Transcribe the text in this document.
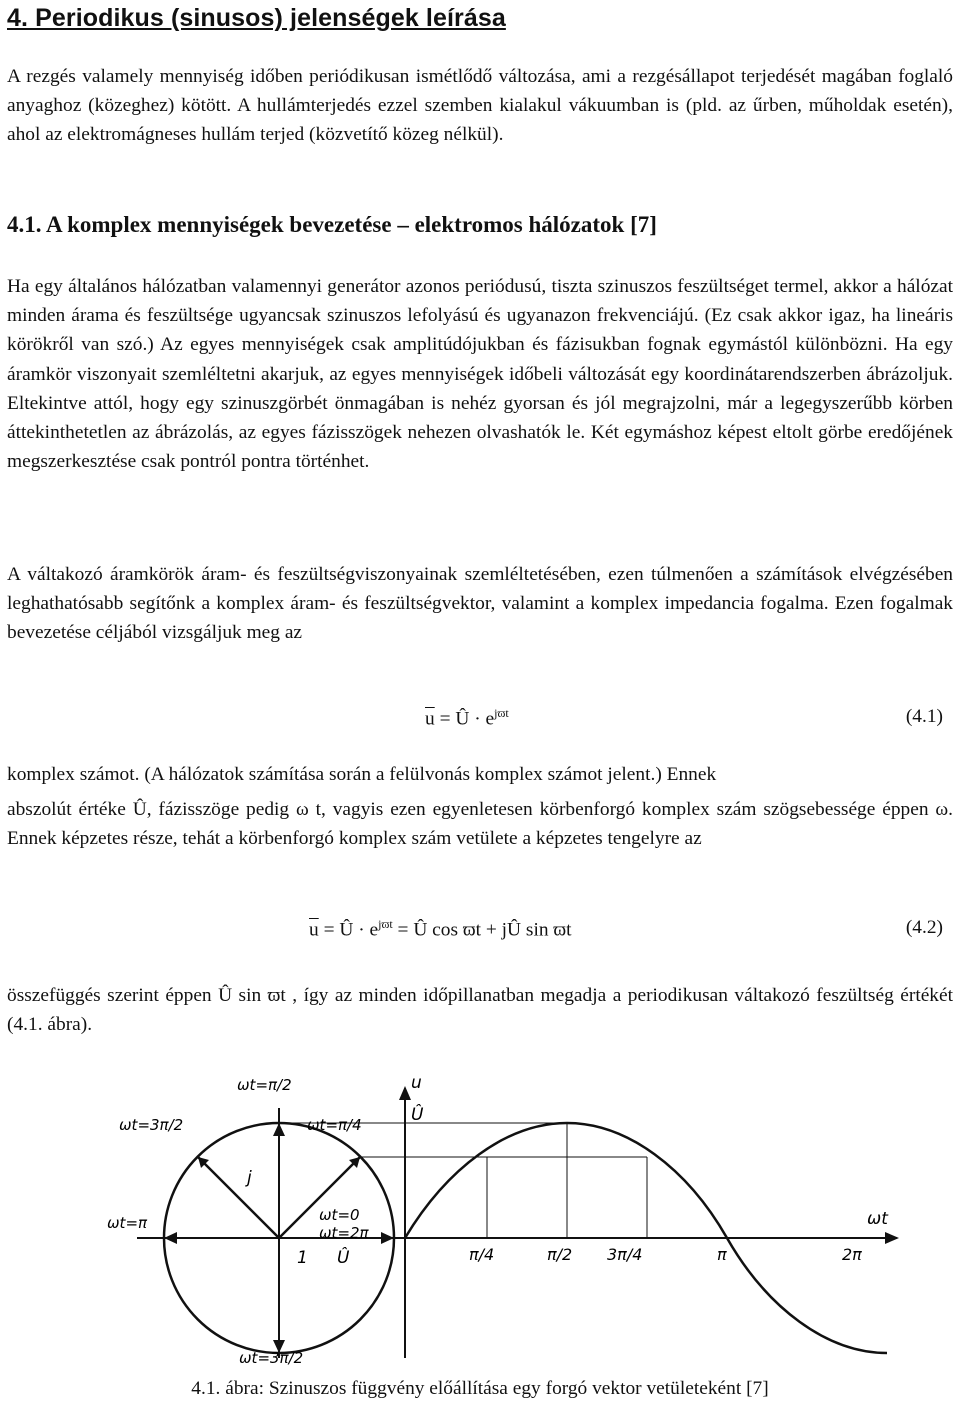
4. Periodikus (sinusos) jelenségek leírása

A rezgés valamely mennyiség időben periódikusan ismétlődő változása, ami a rezgésállapot terjedését magában foglaló anyaghoz (közeghez) kötött. A hullámterjedés ezzel szemben kialakul vákuumban is (pld. az űrben, műholdak esetén), ahol az elektromágneses hullám terjed (közvetítő közeg nélkül).

4.1. A komplex mennyiségek bevezetése – elektromos hálózatok [7]

Ha egy általános hálózatban valamennyi generátor azonos periódusú, tiszta szinuszos feszültséget termel, akkor a hálózat minden árama és feszültsége ugyancsak szinuszos lefolyású és ugyanazon frekvenciájú. (Ez csak akkor igaz, ha lineáris körökről van szó.) Az egyes mennyiségek csak amplitúdójukban és fázisukban fognak egymástól különbözni. Ha egy áramkör viszonyait szemléltetni akarjuk, az egyes mennyiségek időbeli változását egy koordinátarendszerben ábrázoljuk. Eltekintve attól, hogy egy szinuszgörbét önmagában is nehéz gyorsan és jól megrajzolni, már a legegyszerűbb körben áttekinthetetlen az ábrázolás, az egyes fázisszögek nehezen olvashatók le. Két egymáshoz képest eltolt görbe eredőjének megszerkesztése csak pontról pontra történhet.

A váltakozó áramkörök áram- és feszültségviszonyainak szemléltetésében, ezen túlmenően a számítások elvégzésében leghathatósabb segítőnk a komplex áram- és feszültségvektor, valamint a komplex impedancia fogalma. Ezen fogalmak bevezetése céljából vizsgáljuk meg az

$\overline{u}$ = Û · $e^{jϖt}$	(4.1)

komplex számot. (A hálózatok számítása során a felülvonás komplex számot jelent.) Ennek

abszolút értéke Û, fázisszöge pedig ω t, vagyis ezen egyenletesen körbenforgó komplex szám szögsebessége éppen ω. Ennek képzetes része, tehát a körbenforgó komplex szám vetülete a képzetes tengelyre az

$\overline{u}$ = Û · $e^{jϖt}$ = Û cos ϖt + jÛ sin ϖt	(4.2)

összefüggés szerint éppen Û sin ϖt , így az minden időpillanatban megadja a periodikusan váltakozó feszültség értékét (4.1. ábra).

u
Û
ωt
j
1 Û	π/4	π/2 3π/4	π	2π
ωt=π/2
ωt=π/4
ωt=3π/2
ωt=π	ωt=0
ωt=2π
ωt=3π/2
4.1. ábra: Szinuszos függvény előállítása egy forgó vektor vetületeként [7]
